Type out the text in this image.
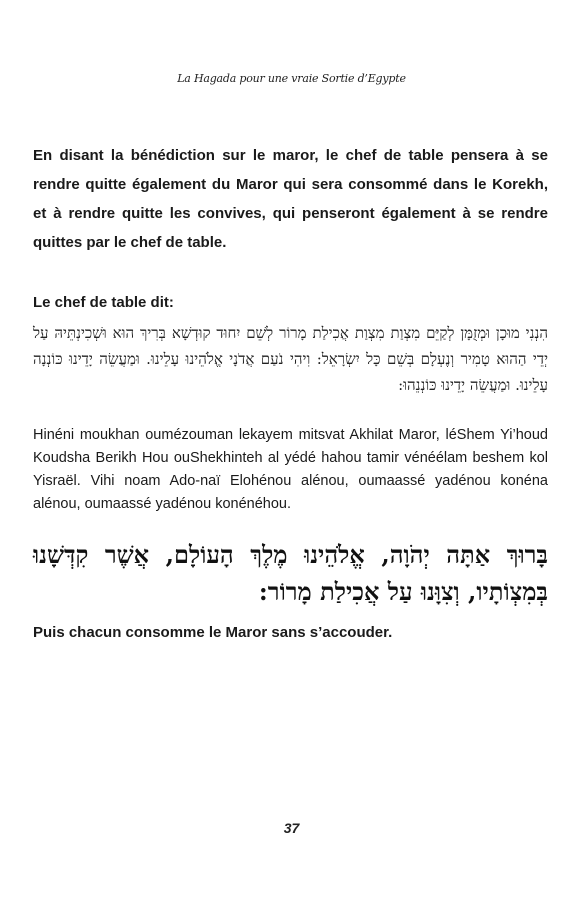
La Hagada pour une vraie Sortie d’Egypte

En disant la bénédiction sur le maror, le chef de table pensera à se rendre quitte également du Maror qui sera consommé dans le Korekh, et à rendre quitte les convives, qui penseront également à se rendre quittes par le chef de table.

Le chef de table dit:

הִנְנִי מוּכָן וּמְזֻמָּן לְקַיֵּם מִצְוַת מִצְוַת אֲכִילַת מָרוֹר לְשֵׁם יִחוּד קוּדְשָׁא בְּרִיךְ הוּא וּשְׁכִינְתֵּיהּ עַל יְדֵי הַהוּא טָמִיר וְנֶעְלָם בְּשֵׁם כָּל יִשְׂרָאֵל: וִיהִי נֹעַם אֲדֹנָי אֱלֹהֵינוּ עָלֵינוּ. וּמַעֲשֵׂה יָדֵינוּ כּוֹנְנָה עָלֵינוּ. וּמַעֲשֵׂה יָדֵינוּ כּוֹנְנֵהוּ:

Hinéni moukhan oumézouman lekayem mitsvat Akhilat Maror, léShem Yi’houd Koudsha Berikh Hou ouShekhinteh al yédé hahou tamir vénéélam beshem kol Yisraël. Vihi noam Ado-naï Elohénou alénou, oumaassé yadénou konéna alénou, oumaassé yadénou konénéhou.

בָּרוּךְ אַתָּה יְהֹוָה, אֱלֹהֵינוּ מֶלֶךְ הָעוֹלָם, אֲשֶׁר קִדְּשָׁנוּ בְּמִצְוֹתָיו, וְצִוָּנוּ עַל אֲכִילַת מָרוֹר:

Puis chacun consomme le Maror sans s’accouder.

37
